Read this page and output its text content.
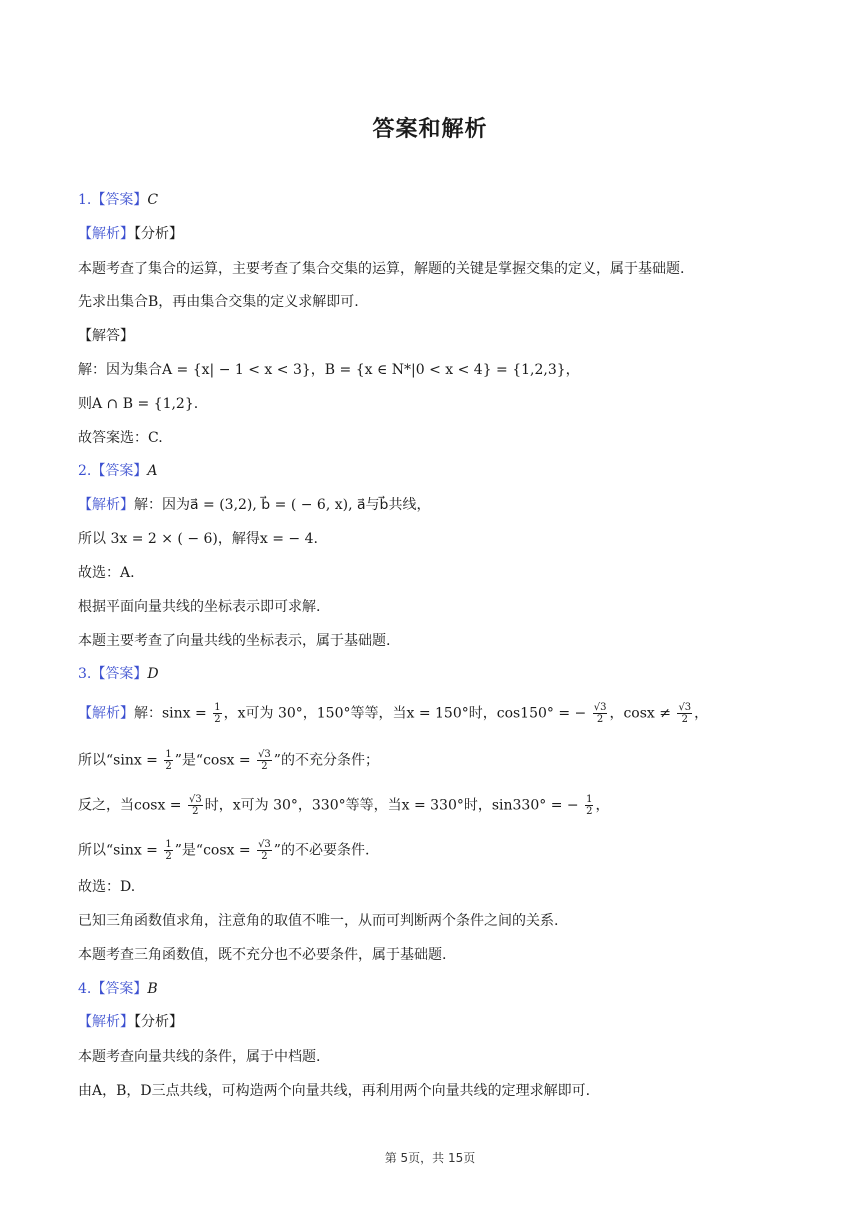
答案和解析
1.【答案】C
【解析】【分析】
本题考查了集合的运算，主要考查了集合交集的运算，解题的关键是掌握交集的定义，属于基础题.
先求出集合B，再由集合交集的定义求解即可.
【解答】
解：因为集合A = {x| − 1 < x < 3}，B = {x ∈ N*|0 < x < 4} = {1,2,3}，
则A ∩ B = {1,2}.
故答案选：C.
2.【答案】A
【解析】解：因为a⃗ = (3,2), b⃗ = ( − 6, x), a⃗与b⃗共线，
所以 3x = 2 × ( − 6)，解得x = − 4.
故选：A.
根据平面向量共线的坐标表示即可求解.
本题主要考查了向量共线的坐标表示，属于基础题.
3.【答案】D
【解析】解：$\sin x = \frac{1}{2}$ ，x可为 30°，150°等等，当x = 150°时，cos150° = − $\frac{√3}{2}$ ，$\cos x \ne \frac{√3}{2}$ ，
所以“$\sin x = \frac{1}{2}$ ”是“$\cos x = \frac{√3}{2}$ ”的不充分条件；
反之，当$\cos x = \frac{√3}{2}$ 时，x可为 30°，330°等等，当x = 330°时，sin330° = − $\frac{1}{2}$ ，
所以“$\sin x = \frac{1}{2}$ ”是“$\cos x = \frac{√3}{2}$ ”的不必要条件.
故选：D.
已知三角函数值求角，注意角的取值不唯一，从而可判断两个条件之间的关系.
本题考查三角函数值，既不充分也不必要条件，属于基础题.
4.【答案】B
【解析】【分析】
本题考查向量共线的条件，属于中档题.
由A，B，D三点共线，可构造两个向量共线，再利用两个向量共线的定理求解即可.
第 5页，共 15页
